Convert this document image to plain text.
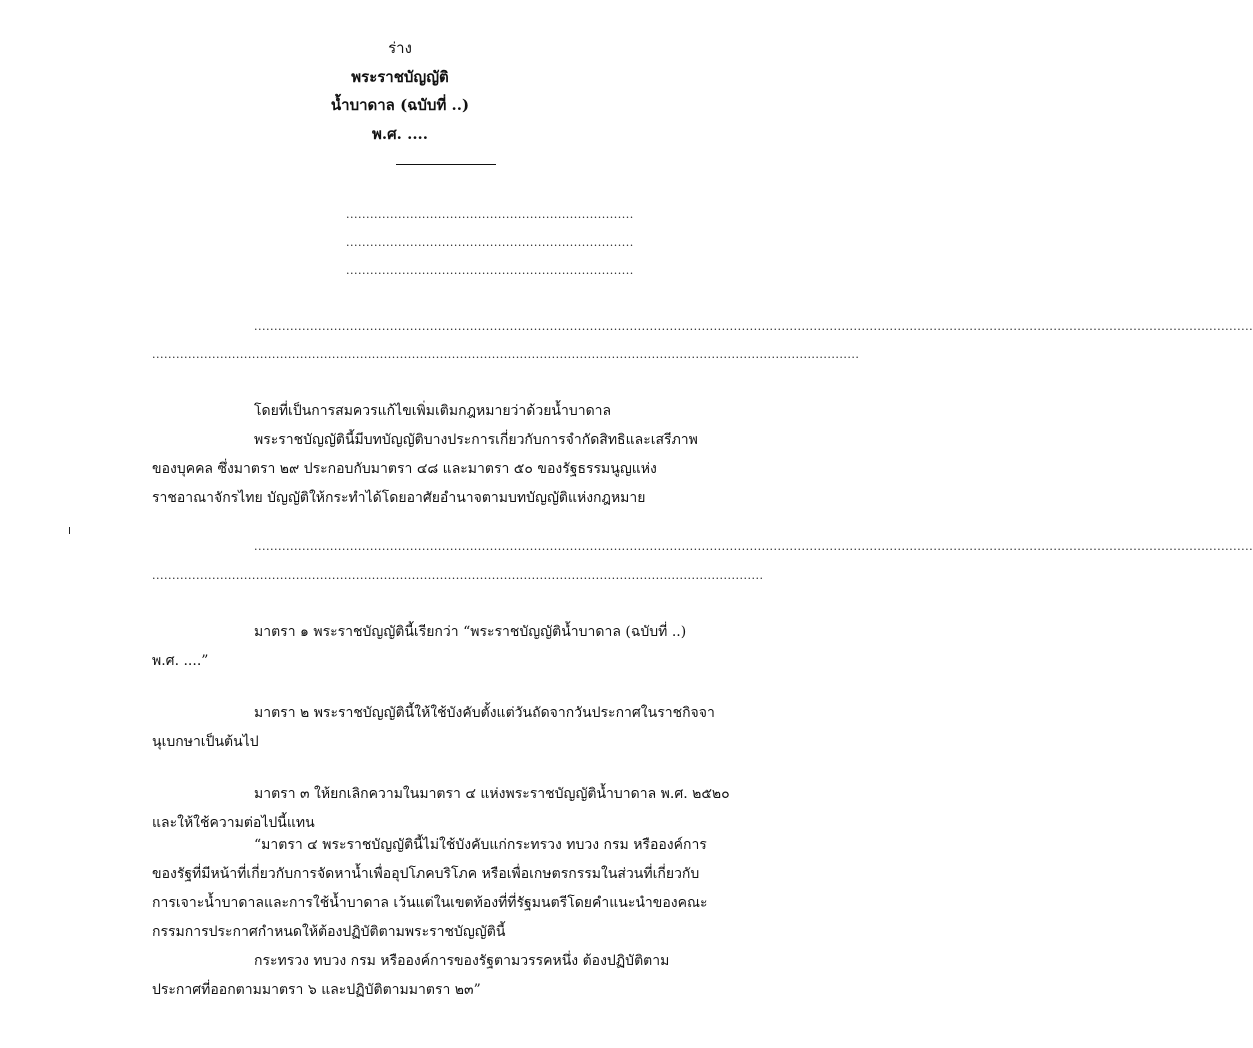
ร่าง
พระราชบัญญัติ
น้ำบาดาล (ฉบับที่ ..)
พ.ศ. ....
........................................................................
........................................................................
........................................................................
..........................................................................................................................................................................................................................................................
.................................................................................................................................................................................
โดยที่เป็นการสมควรแก้ไขเพิ่มเติมกฎหมายว่าด้วยน้ำบาดาล
พระราชบัญญัตินี้มีบทบัญญัติบางประการเกี่ยวกับการจำกัดสิทธิและเสรีภาพ
ของบุคคล ซึ่งมาตรา ๒๙ ประกอบกับมาตรา ๔๘ และมาตรา ๕๐ ของรัฐธรรมนูญแห่ง
ราชอาณาจักรไทย บัญญัติให้กระทำได้โดยอาศัยอำนาจตามบทบัญญัติแห่งกฎหมาย
..........................................................................................................................................................................................................................................................
.........................................................................................................................................................
มาตรา ๑ พระราชบัญญัตินี้เรียกว่า “พระราชบัญญัติน้ำบาดาล (ฉบับที่ ..)
พ.ศ. ....”
มาตรา ๒ พระราชบัญญัตินี้ให้ใช้บังคับตั้งแต่วันถัดจากวันประกาศในราชกิจจา
นุเบกษาเป็นต้นไป
มาตรา ๓ ให้ยกเลิกความในมาตรา ๔ แห่งพระราชบัญญัติน้ำบาดาล พ.ศ. ๒๕๒๐
และให้ใช้ความต่อไปนี้แทน
“มาตรา ๔ พระราชบัญญัตินี้ไม่ใช้บังคับแก่กระทรวง ทบวง กรม หรือองค์การ
ของรัฐที่มีหน้าที่เกี่ยวกับการจัดหาน้ำเพื่ออุปโภคบริโภค หรือเพื่อเกษตรกรรมในส่วนที่เกี่ยวกับ
การเจาะน้ำบาดาลและการใช้น้ำบาดาล เว้นแต่ในเขตท้องที่ที่รัฐมนตรีโดยคำแนะนำของคณะ
กรรมการประกาศกำหนดให้ต้องปฏิบัติตามพระราชบัญญัตินี้
กระทรวง ทบวง กรม หรือองค์การของรัฐตามวรรคหนึ่ง ต้องปฏิบัติตาม
ประกาศที่ออกตามมาตรา ๖ และปฏิบัติตามมาตรา ๒๓”
